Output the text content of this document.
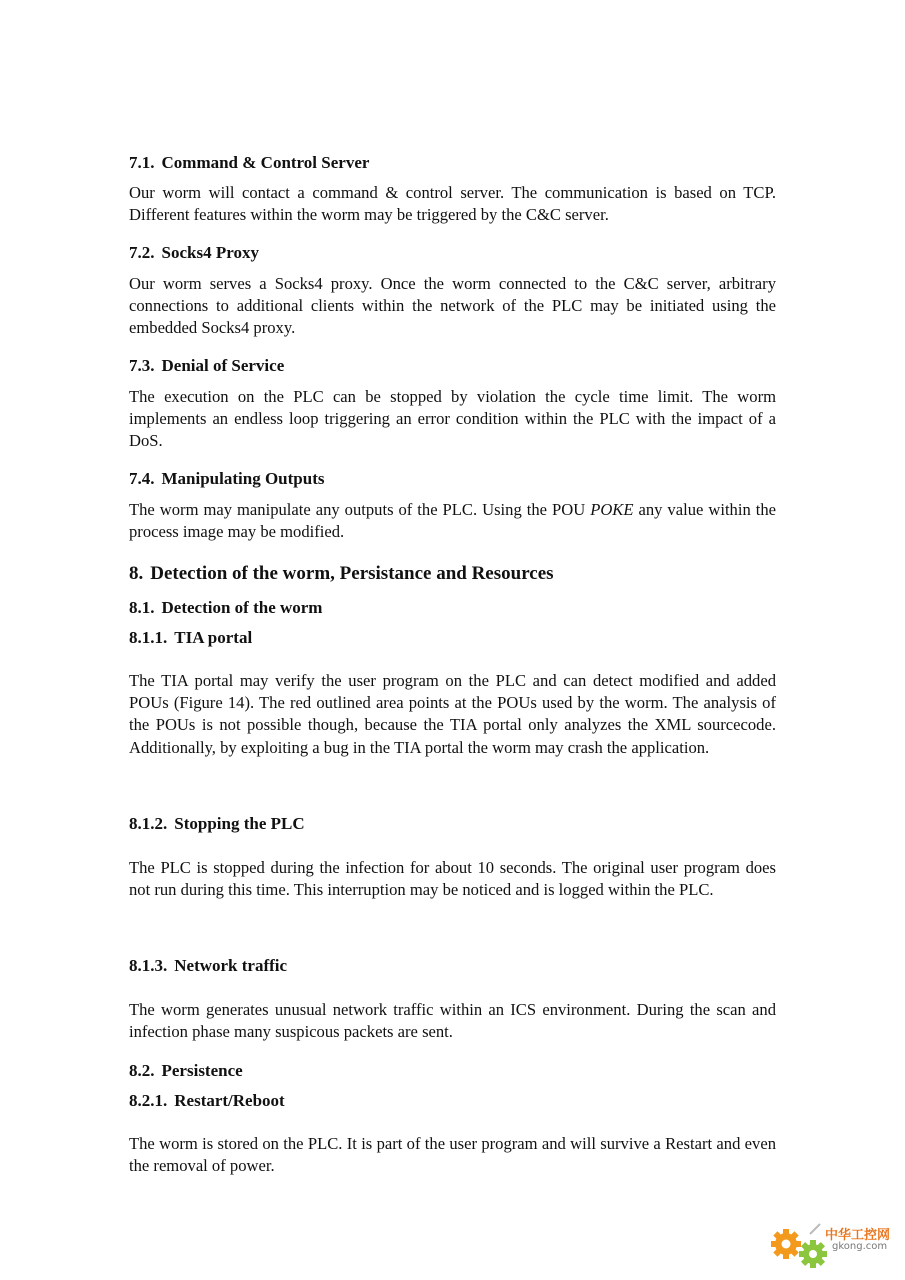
7.1. Command & Control Server

Our worm will contact a command & control server. The communication is based on TCP. Different features within the worm may be triggered by the C&C server.

7.2. Socks4 Proxy

Our worm serves a Socks4 proxy. Once the worm connected to the C&C server, arbitrary connections to additional clients within the network of the PLC may be initiated using the embedded Socks4 proxy.

7.3. Denial of Service

The execution on the PLC can be stopped by violation the cycle time limit. The worm implements an endless loop triggering an error condition within the PLC with the impact of a DoS.

7.4. Manipulating Outputs

The worm may manipulate any outputs of the PLC. Using the POU POKE any value within the process image may be modified.

8. Detection of the worm, Persistance and Resources
8.1. Detection of the worm
8.1.1. TIA portal

The TIA portal may verify the user program on the PLC and can detect modified and added POUs (Figure 14). The red outlined area points at the POUs used by the worm. The analysis of the POUs is not possible though, because the TIA portal only analyzes the XML sourcecode. Additionally, by exploiting a bug in the TIA portal the worm may crash the application.

8.1.2. Stopping the PLC

The PLC is stopped during the infection for about 10 seconds. The original user program does not run during this time. This interruption may be noticed and is logged within the PLC.

8.1.3. Network traffic

The worm generates unusual network traffic within an ICS environment. During the scan and infection phase many suspicous packets are sent.

8.2. Persistence
8.2.1. Restart/Reboot

The worm is stored on the PLC. It is part of the user program and will survive a Restart and even the removal of power.

中华工控网
gkong.com
